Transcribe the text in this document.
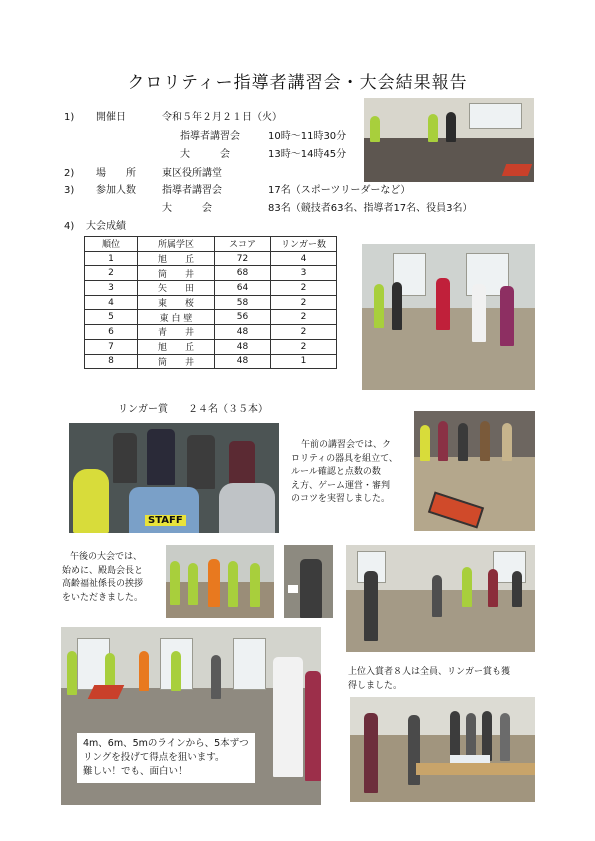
クロリティー指導者講習会・大会結果報告
1) 開催日	令和５年２月２１日（火）
指導者講習会	10時～11時30分
大　　　会	13時～14時45分
2) 場　　所	東区役所講堂
3) 参加人数	指導者講習会	17名（スポーツリーダーなど）
大　　　会	83名（競技者63名、指導者17名、役員3名）
4) 大会成績
順位	所属学区	スコア	リンガー数
1	旭　　丘	72	4
2	筒　　井	68	3
3	矢　　田	64	2
4	東　　桜	58	2
5	東 白 壁	56	2
6	青　　井	48	2
7	旭　　丘	48	2
8	筒　　井	48	1
リンガー賞　　２４名（３５本）
STAFF
午前の講習会では、ク
ロリティの器具を組立て、
ルール確認と点数の数
え方、ゲーム運営・審判
のコツを実習しました。
午後の大会では、
始めに、殿島会長と
高齢福祉係長の挨拶
をいただきました。
4m、6m、5mのラインから、5本ずつ
リングを投げて得点を狙います。
難しい！でも、面白い！
上位入賞者８人は全員、リンガー賞も獲
得しました。
